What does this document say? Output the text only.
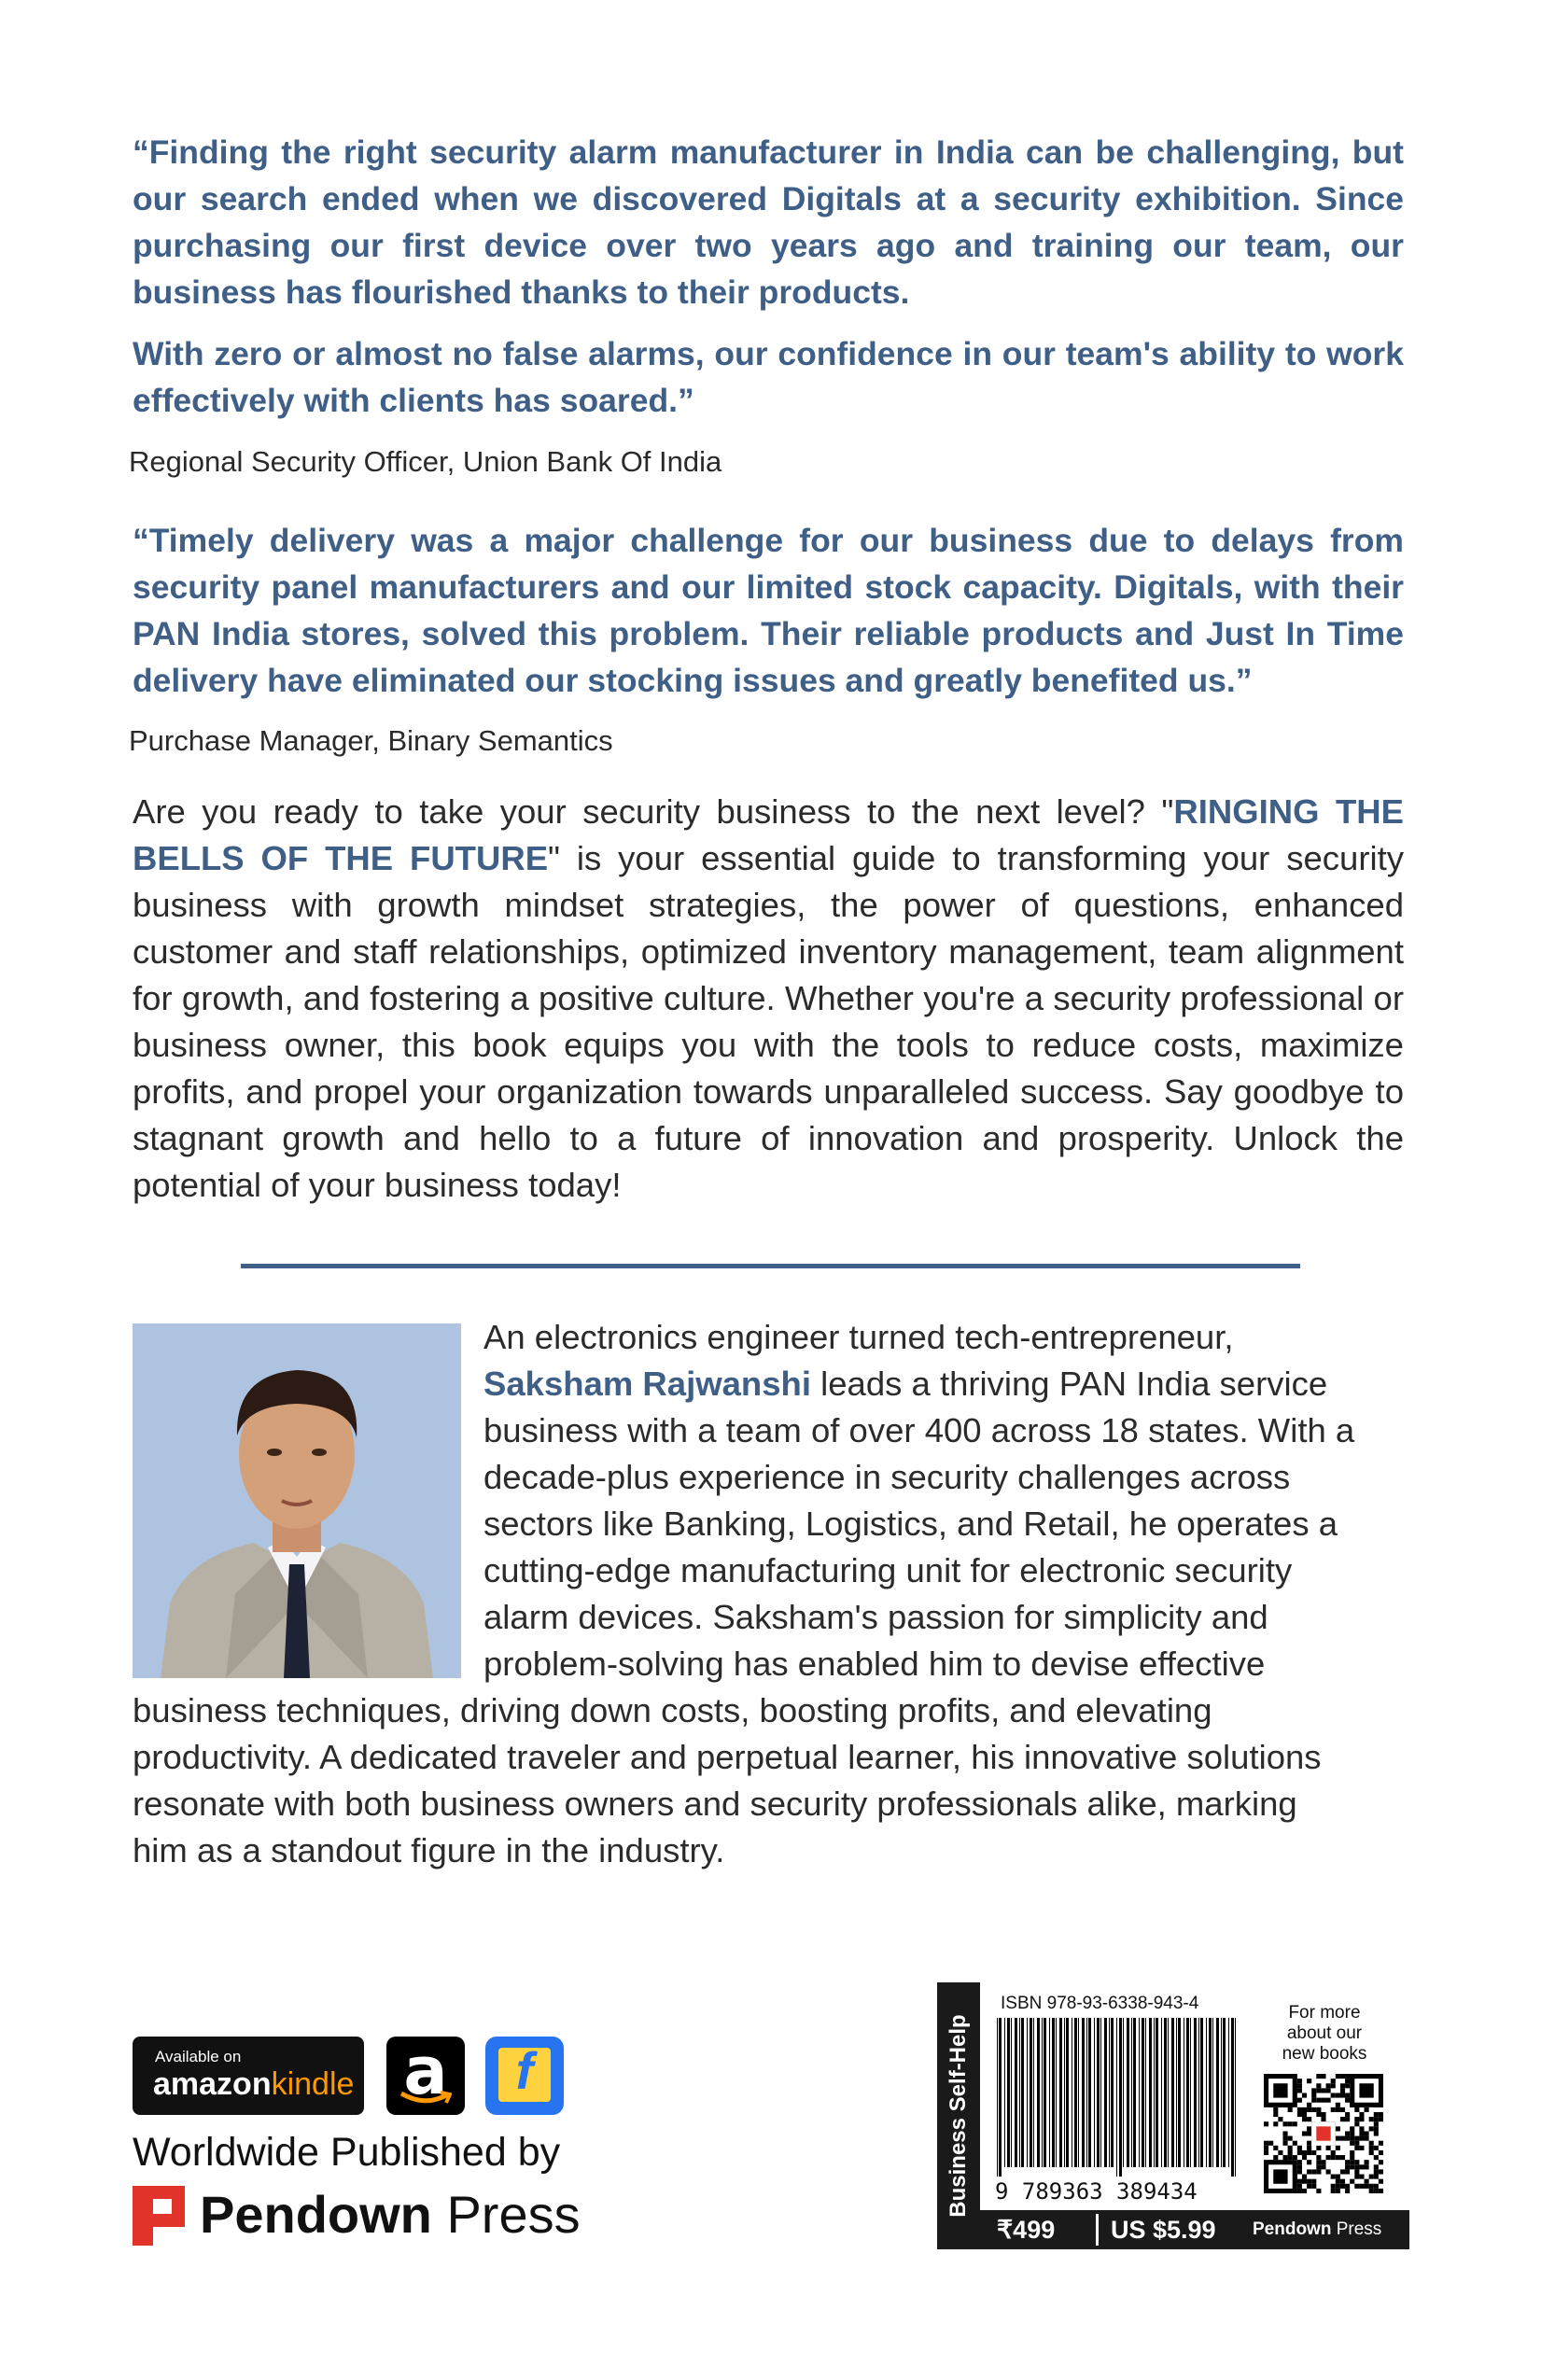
“Finding the right security alarm manufacturer in India can be challenging, but our search ended when we discovered Digitals at a security exhibition. Since purchasing our first device over two years ago and training our team, our business has flourished thanks to their products.

With zero or almost no false alarms, our confidence in our team's ability to work effectively with clients has soared.”

Regional Security Officer, Union Bank Of India

“Timely delivery was a major challenge for our business due to delays from security panel manufacturers and our limited stock capacity. Digitals, with their PAN India stores, solved this problem. Their reliable products and Just In Time delivery have eliminated our stocking issues and greatly benefited us.”

Purchase Manager, Binary Semantics

Are you ready to take your security business to the next level? "RINGING THE BELLS OF THE FUTURE" is your essential guide to transforming your security business with growth mindset strategies, the power of questions, enhanced customer and staff relationships, optimized inventory management, team alignment for growth, and fostering a positive culture. Whether you're a security professional or business owner, this book equips you with the tools to reduce costs, maximize profits, and propel your organization towards unparalleled success. Say goodbye to stagnant growth and hello to a future of innovation and prosperity. Unlock the potential of your business today!

An electronics engineer turned tech-entrepreneur,
Saksham Rajwanshi leads a thriving PAN India service
business with a team of over 400 across 18 states. With a
decade-plus experience in security challenges across
sectors like Banking, Logistics, and Retail, he operates a
cutting-edge manufacturing unit for electronic security
alarm devices. Saksham's passion for simplicity and
problem-solving has enabled him to devise effective
business techniques, driving down costs, boosting profits, and elevating
productivity. A dedicated traveler and perpetual learner, his innovative solutions
resonate with both business owners and security professionals alike, marking
him as a standout figure in the industry.
Available on
amazonkindle a	f
Worldwide Published by
Pendown Press	Business Self-Help
ISBN 978-93-6338-943-4
9 789363 389434
For more
about our
new books
₹499 US $5.99 Pendown Press
